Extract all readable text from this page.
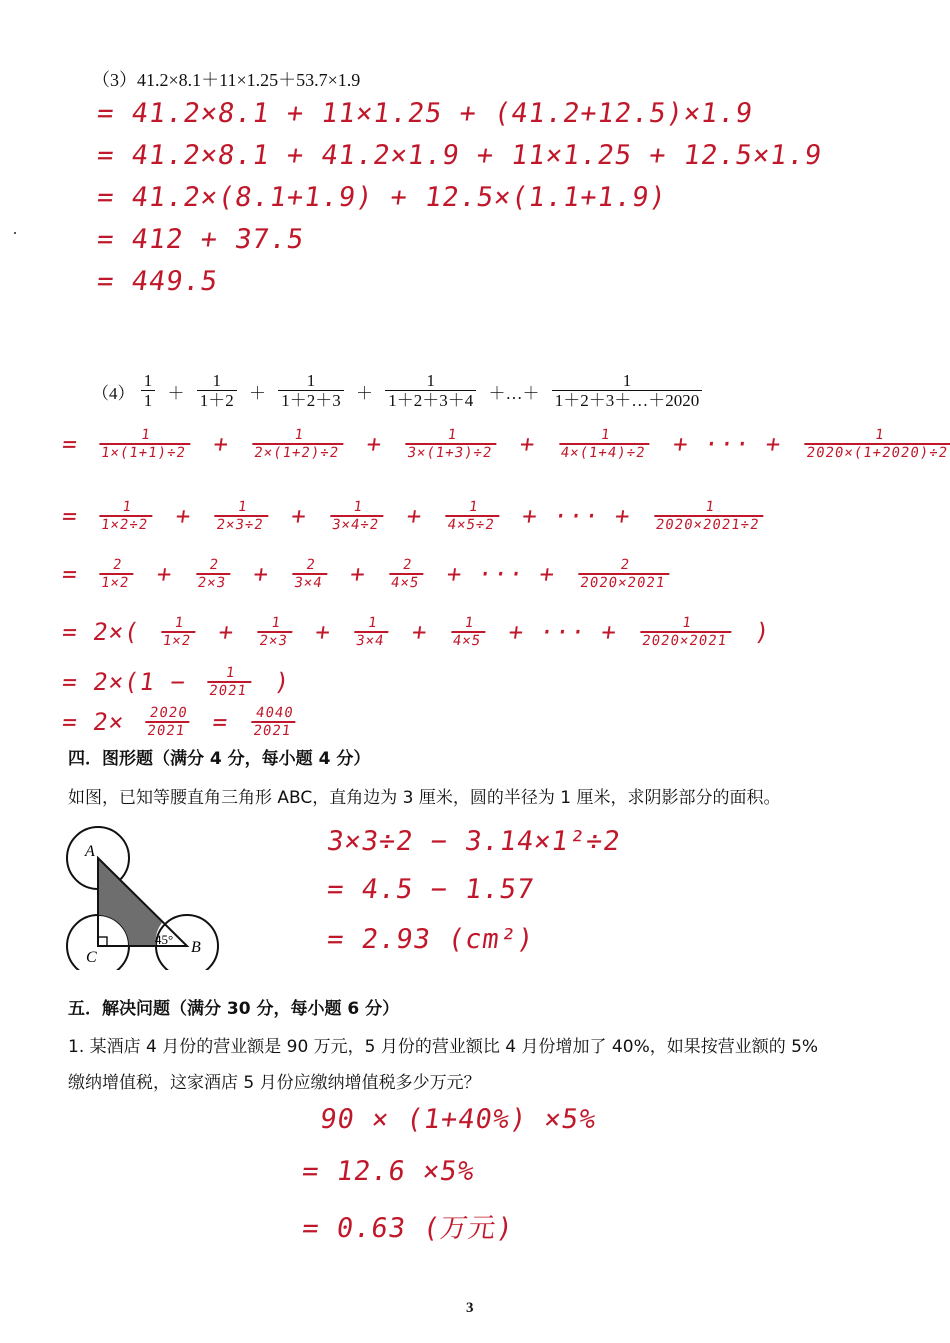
（3）41.2×8.1＋11×1.25＋53.7×1.9
= 41.2×8.1 + 11×1.25 + (41.2+12.5)×1.9
= 41.2×8.1 + 41.2×1.9 + 11×1.25 + 12.5×1.9
= 41.2×(8.1+1.9) + 12.5×(1.1+1.9)
= 412 + 37.5
= 449.5
$(4) \frac{1}{1} + \frac{1}{1+2} + \frac{1}{1+2+3} + \frac{1}{1+2+3+4}$ ＋…＋ $\frac{1}{1+2+3+\dots+2020}$
= $\frac{1}{1\times(1+1)\div 2} + \frac{1}{2\times(1+2)\div 2} + \frac{1}{3\times(1+3)\div 2} + \frac{1}{4\times(1+4)\div 2}$ + ··· + $\frac{1}{2020\times(1+2020)\div 2}$
= $\frac{1}{1\times 2\div 2} + \frac{1}{2\times 3\div 2} + \frac{1}{3\times 4\div 2} + \frac{1}{4\times 5\div 2}$ + ··· + $\frac{1}{2020\times 2021\div 2}$
= $\frac{2}{1\times 2} + \frac{2}{2\times 3} + \frac{2}{3\times 4} + \frac{2}{4\times 5}$ + ··· + $\frac{2}{2020\times 2021}$
= $2\times( \frac{1}{1\times 2} + \frac{1}{2\times 3} + \frac{1}{3\times 4} + \frac{1}{4\times 5}$ + ··· + $\frac{1}{2020\times 2021}$ )
= $2\times(1 - \frac{1}{2021}$ )
= $2\times \frac{2020}{2021} = \frac{4040}{2021}$
四．图形题（满分 4 分，每小题 4 分）
如图，已知等腰直角三角形 ABC，直角边为 3 厘米，圆的半径为 1 厘米，求阴影部分的面积。
A
B
C
45°
3×3÷2 − 3.14×1²÷2
= 4.5 − 1.57
= 2.93 (cm²)
五．解决问题（满分 30 分，每小题 6 分）
1. 某酒店 4 月份的营业额是 90 万元，5 月份的营业额比 4 月份增加了 40%，如果按营业额的 5%
缴纳增值税，这家酒店 5 月份应缴纳增值税多少万元？
90 × (1+40%) ×5%
= 12.6 ×5%
= 0.63 (万元)
3
